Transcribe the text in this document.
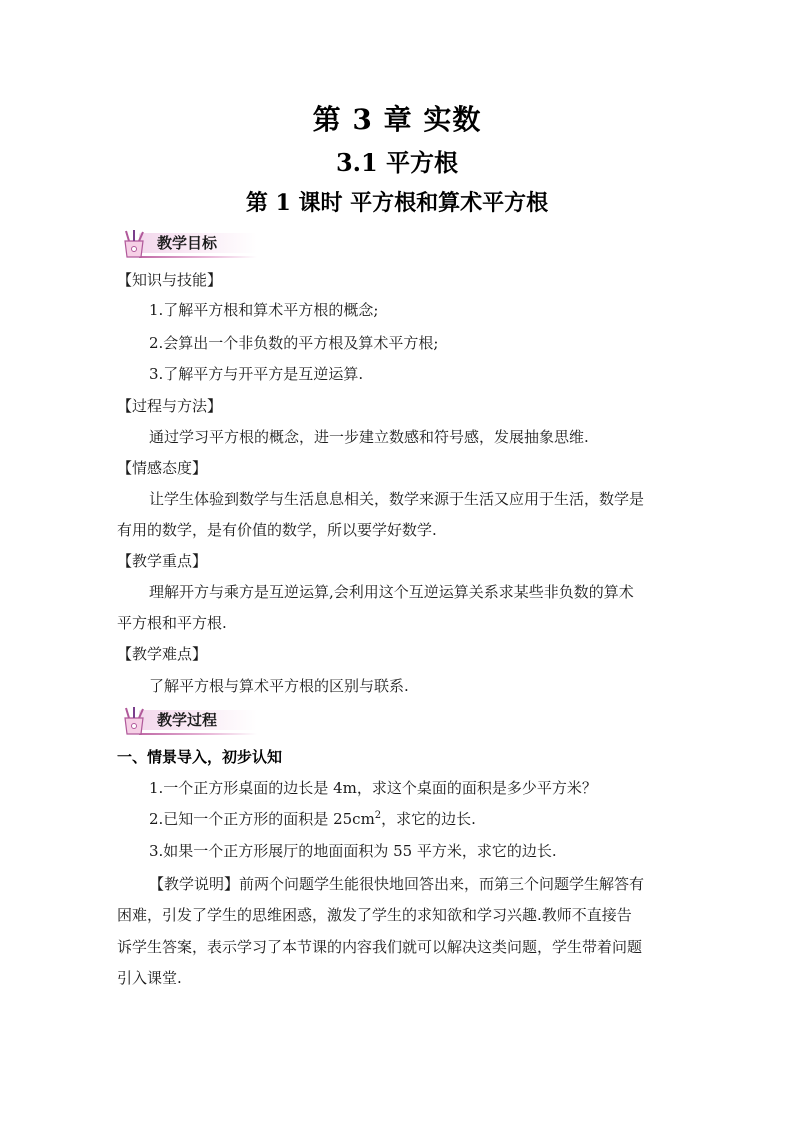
第 3 章 实数
3.1 平方根
第 1 课时 平方根和算术平方根
教学目标
【知识与技能】
1.了解平方根和算术平方根的概念;
2.会算出一个非负数的平方根及算术平方根;
3.了解平方与开平方是互逆运算.
【过程与方法】
通过学习平方根的概念，进一步建立数感和符号感，发展抽象思维.
【情感态度】
让学生体验到数学与生活息息相关，数学来源于生活又应用于生活，数学是
有用的数学，是有价值的数学，所以要学好数学.
【教学重点】
理解开方与乘方是互逆运算,会利用这个互逆运算关系求某些非负数的算术
平方根和平方根.
【教学难点】
了解平方根与算术平方根的区别与联系.
教学过程
一、情景导入，初步认知
1.一个正方形桌面的边长是 4m，求这个桌面的面积是多少平方米？
2.已知一个正方形的面积是 $25cm^2$，求它的边长.
3.如果一个正方形展厅的地面面积为 55 平方米，求它的边长.
【教学说明】前两个问题学生能很快地回答出来，而第三个问题学生解答有
困难，引发了学生的思维困惑，激发了学生的求知欲和学习兴趣.教师不直接告
诉学生答案，表示学习了本节课的内容我们就可以解决这类问题，学生带着问题
引入课堂.
